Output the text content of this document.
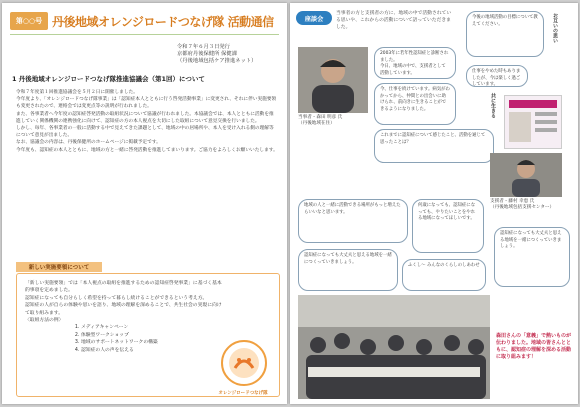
第○○号 丹後地域オレンジロードつなげ隊 活動通信
令和７年６月３日発行
京都府丹後保健所 保健課
（丹後地域包括ケア推進ネット）
1 丹後地域オレンジロードつなげ隊推進協議会（第1回）について

令和７年度第１回推進協議会を５月２日に開催しました。

今年度より、「オレンジロードつなげ隊事業」は「認知症本人とともに行う啓発活動事業」に変更され、それに伴い実施要領も変更されたので、連絡会では変更点等の説明が行われました。

また、各事業者へ今年度の認知症啓発活動の取組状況について協議が行われました。本協議会では、本人とともに活動を推進していく関係機関の連携強化に向けて、認知症の方の本人視点を大切にした取組について意見交換を行いました。

しかし、毎年、各事業者の一般に活動する中で見えてきた課題として、地域の中の居場所や、本人を受け入れる側の理解等について意見が出ました。

なお、協議会の内容は、丹後保健所のホームページに掲載予定です。

今年度も、認知症の本人とともに、地域の方と一緒に啓発活動を推進してまいります。ご協力をよろしくお願いいたします。

新しい実施要領について
「新しい実施要領」では「本人視点の取組を推進するための認知症啓発事業」に基づく基本的事項を定めました。
認知症になっても自分らしく希望を持って暮らし続けることができるという考え方。
認知症の人が自らの体験や思いを語り、地域の理解を深めることで、共生社会の実現に向けて取り組みます。
〈取組方法の例〉
1. メディアキャンペーン
2. 体験型ワークショップ
3. 地域のサポートネットワークの構築
4. 認知症の人の声を伝える
オレンジロードつなげ隊
座談会
当事者の方と支援者の方に、地域の中で活動されている思いや、これからの活動について語っていただきました。

2003年に若年性認知症と診断されました。

今日、地域の中で、支援者として活動しています。

当事者・森田 明彦 氏
（丹後地域在住）
今、仕事を続けています。病気がわかってから、仲間との出会いに助けられ、前向きに生きることができるようになりました。
今後の地域活動の目標について教えてください。
仕事をやめた時もありましたが、今は楽しく過ごしています。
お互いの思い
共に生きる
これまでに認知症について感じたこと、活動を通じて思ったことは？
支援者・藤村 幸恵 氏
（丹後地域包括支援センター）
地域の人と一緒に活動できる場所がもっと増えたらいいなと思います。
何歳になっても、認知症になっても、やりたいことをやれる地域になってほしいです。
認知症になっても大丈夫と思える地域を一緒につくっていきましょう。
ふくし〜 みんなのくらしのしあわせ

認知症になっても大丈夫と思える地域を一緒につくっていきましょう。

森田さんの「意義」で熱いものが伝わりました。地域の皆さんとともに、認知症の理解を深める活動に取り組みます！
